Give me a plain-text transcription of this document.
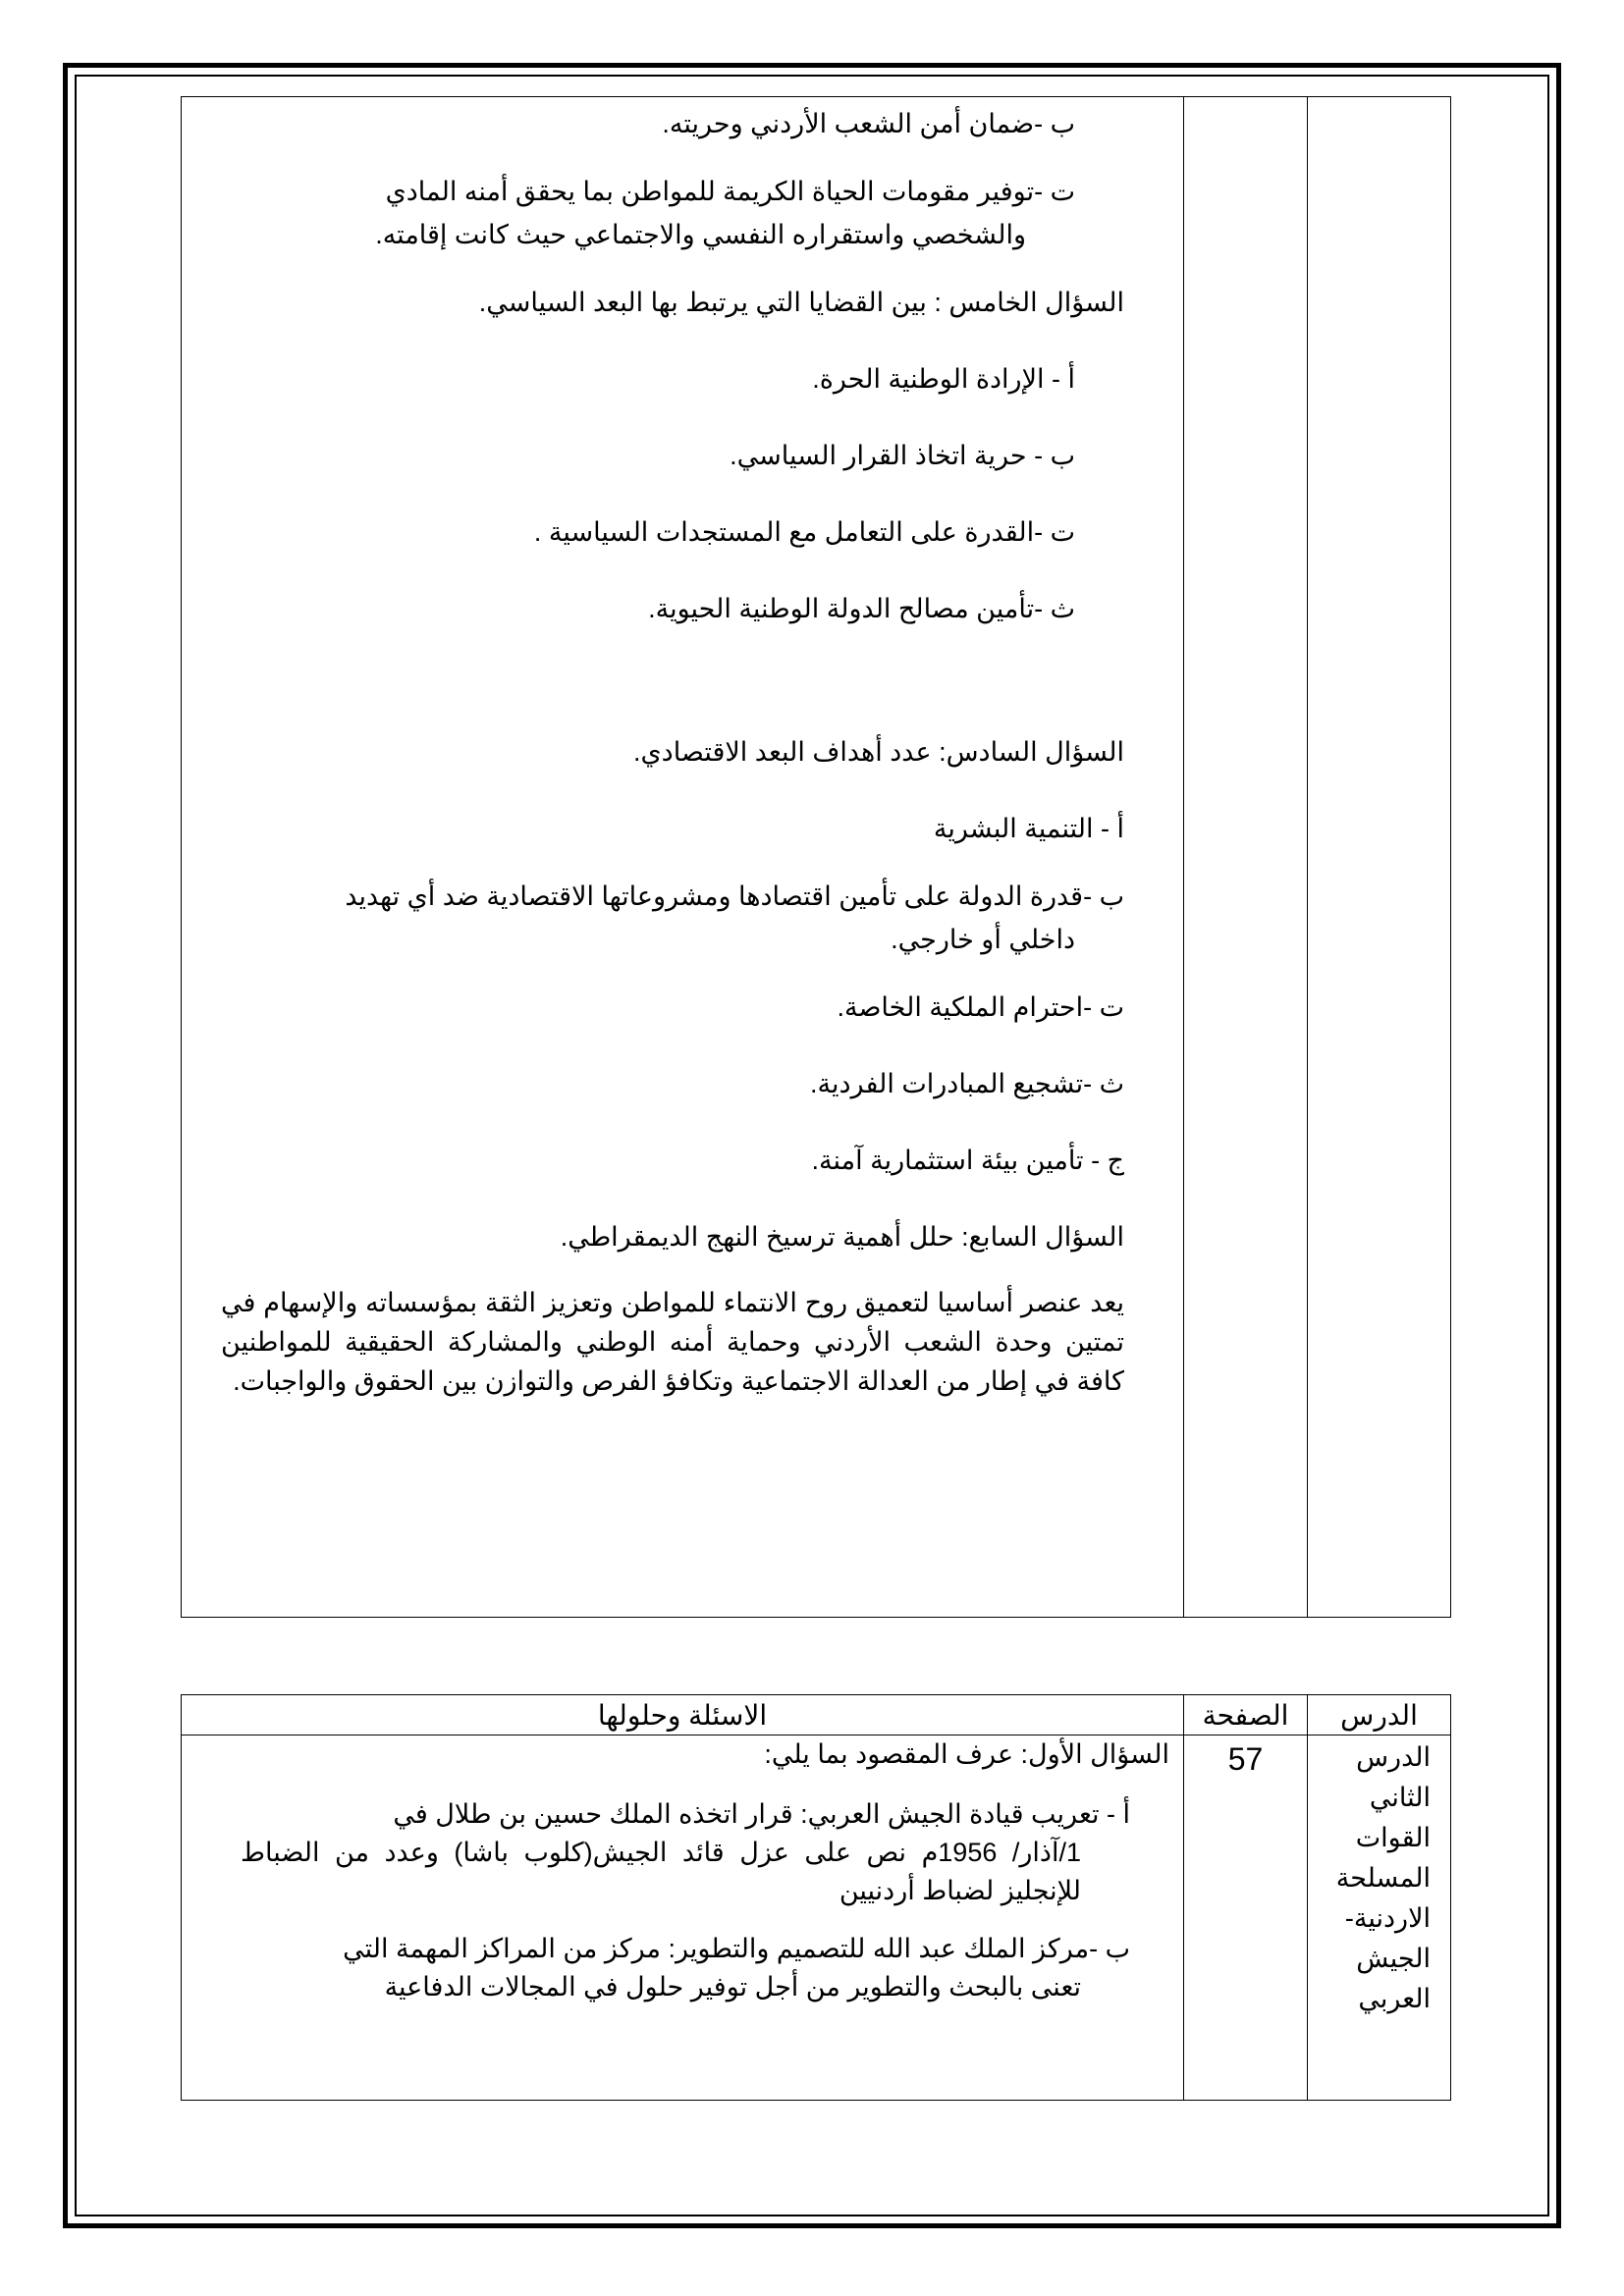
ب -ضمان أمن الشعب الأردني وحريته.

ت -توفير مقومات الحياة الكريمة للمواطن بما يحقق أمنه المادي

والشخصي واستقراره النفسي والاجتماعي حيث كانت إقامته.

السؤال الخامس : بين القضايا التي يرتبط بها البعد السياسي.

أ - الإرادة الوطنية الحرة.

ب - حرية اتخاذ القرار السياسي.

ت -القدرة على التعامل مع المستجدات السياسية .

ث -تأمين مصالح الدولة الوطنية الحيوية.

السؤال السادس: عدد أهداف البعد الاقتصادي.

أ - التنمية البشرية

ب -قدرة الدولة على تأمين اقتصادها ومشروعاتها الاقتصادية ضد أي تهديد

داخلي أو خارجي.

ت -احترام الملكية الخاصة.

ث -تشجيع المبادرات الفردية.

ج - تأمين بيئة استثمارية آمنة.

السؤال السابع: حلل أهمية ترسيخ النهج الديمقراطي.

يعد عنصر أساسيا لتعميق روح الانتماء للمواطن وتعزيز الثقة بمؤسساته والإسهام في تمتين وحدة الشعب الأردني وحماية أمنه الوطني والمشاركة الحقيقية للمواطنين كافة في إطار من العدالة الاجتماعية وتكافؤ الفرص والتوازن بين الحقوق والواجبات.

الدرس	الصفحة	الاسئلة وحلولها
الدرس الثاني القوات المسلحة الاردنية- الجيش العربي	57	السؤال الأول: عرف المقصود بما يلي:

أ - تعريب قيادة الجيش العربي: قرار اتخذه الملك حسين بن طلال في
1/آذار/ 1956م نص على عزل قائد الجيش(كلوب باشا) وعدد من الضباط للإنجليز لضباط أردنيين

ب -مركز الملك عبد الله للتصميم والتطوير: مركز من المراكز المهمة التي
تعنى بالبحث والتطوير من أجل توفير حلول في المجالات الدفاعية
